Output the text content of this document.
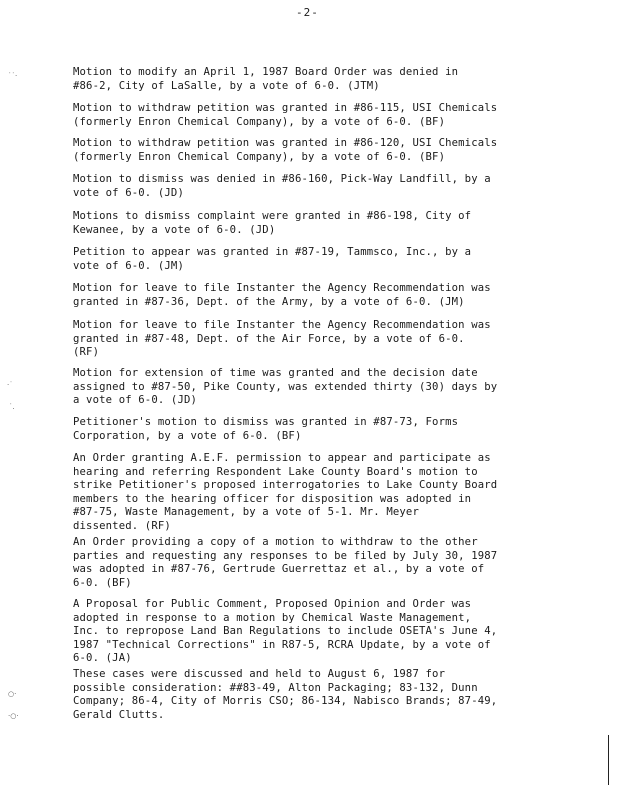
-2-
˙˙·
·˙
˙.
○·
·○·
Motion to modify an April 1, 1987 Board Order was denied in
#86-2, City of LaSalle, by a vote of 6-0. (JTM)
Motion to withdraw petition was granted in #86-115, USI Chemicals
(formerly Enron Chemical Company), by a vote of 6-0. (BF)
Motion to withdraw petition was granted in #86-120, USI Chemicals
(formerly Enron Chemical Company), by a vote of 6-0. (BF)
Motion to dismiss was denied in #86-160, Pick-Way Landfill, by a
vote of 6-0. (JD)
Motions to dismiss complaint were granted in #86-198, City of
Kewanee, by a vote of 6-0. (JD)
Petition to appear was granted in #87-19, Tammsco, Inc., by a
vote of 6-0. (JM)
Motion for leave to file Instanter the Agency Recommendation was
granted in #87-36, Dept. of the Army, by a vote of 6-0. (JM)
Motion for leave to file Instanter the Agency Recommendation was
granted in #87-48, Dept. of the Air Force, by a vote of 6-0.
(RF)
Motion for extension of time was granted and the decision date
assigned to #87-50, Pike County, was extended thirty (30) days by
a vote of 6-0. (JD)
Petitioner's motion to dismiss was granted in #87-73, Forms
Corporation, by a vote of 6-0. (BF)
An Order granting A.E.F. permission to appear and participate as
hearing and referring Respondent Lake County Board's motion to
strike Petitioner's proposed interrogatories to Lake County Board
members to the hearing officer for disposition was adopted in
#87-75, Waste Management, by a vote of 5-1. Mr. Meyer
dissented. (RF)
An Order providing a copy of a motion to withdraw to the other
parties and requesting any responses to be filed by July 30, 1987
was adopted in #87-76, Gertrude Guerrettaz et al., by a vote of
6-0. (BF)
A Proposal for Public Comment, Proposed Opinion and Order was
adopted in response to a motion by Chemical Waste Management,
Inc. to repropose Land Ban Regulations to include OSETA's June 4,
1987 "Technical Corrections" in R87-5, RCRA Update, by a vote of
6-0. (JA)
These cases were discussed and held to August 6, 1987 for
possible consideration: ##83-49, Alton Packaging; 83-132, Dunn
Company; 86-4, City of Morris CSO; 86-134, Nabisco Brands; 87-49,
Gerald Clutts.
